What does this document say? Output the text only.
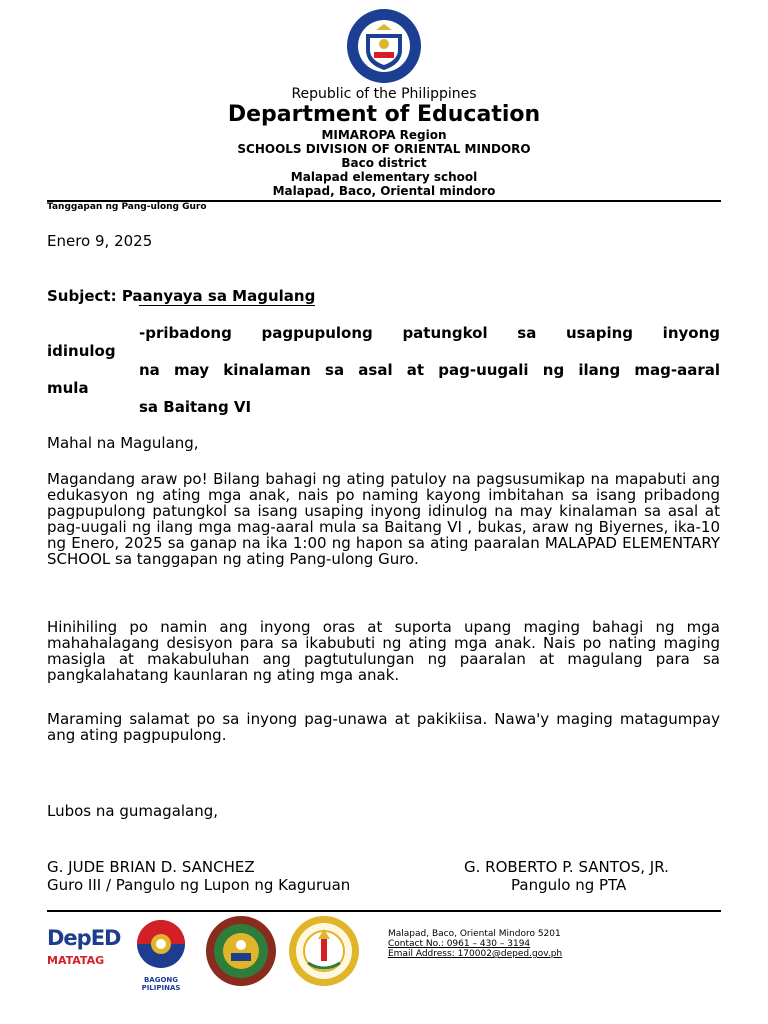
Republic of the Philippines
Department of Education
MIMAROPA Region
SCHOOLS DIVISION OF ORIENTAL MINDORO
Baco district
Malapad elementary school
Malapad, Baco, Oriental mindoro
Tanggapan ng Pang-ulong Guro
Enero 9, 2025
Subject: Paanyaya sa Magulang
-pribadong pagpupulong patungkol sa usaping inyong
idinulog
na may kinalaman sa asal at pag-uugali ng ilang mag-aaral
mula
sa Baitang VI
Mahal na Magulang,
Magandang araw po! Bilang bahagi ng ating patuloy na pagsusumikap na mapabuti ang edukasyon ng ating mga anak, nais po naming kayong imbitahan sa isang pribadong pagpupulong patungkol sa isang usaping inyong idinulog na may kinalaman sa asal at pag-uugali ng ilang mga mag-aaral mula sa Baitang VI , bukas, araw ng Biyernes, ika-10 ng Enero, 2025 sa ganap na ika 1:00 ng hapon sa ating paaralan MALAPAD ELEMENTARY SCHOOL sa tanggapan ng ating Pang-ulong Guro.
Hinihiling po namin ang inyong oras at suporta upang maging bahagi ng mga mahahalagang desisyon para sa ikabubuti ng ating mga anak. Nais po nating maging masigla at makabuluhan ang pagtutulungan ng paaralan at magulang para sa pangkalahatang kaunlaran ng ating mga anak.
Maraming salamat po sa inyong pag-unawa at pakikiisa. Nawa'y maging matagumpay ang ating pagpupulong.
Lubos na gumagalang,
G. JUDE BRIAN D. SANCHEZ
Guro III / Pangulo ng Lupon ng Kaguruan
G. ROBERTO P. SANTOS, JR.
Pangulo ng PTA
DepED
MATATAG
BAGONG PILIPINAS
Malapad, Baco, Oriental Mindoro 5201
Contact No.: 0961 – 430 – 3194
Email Address: 170002@deped.gov.ph
